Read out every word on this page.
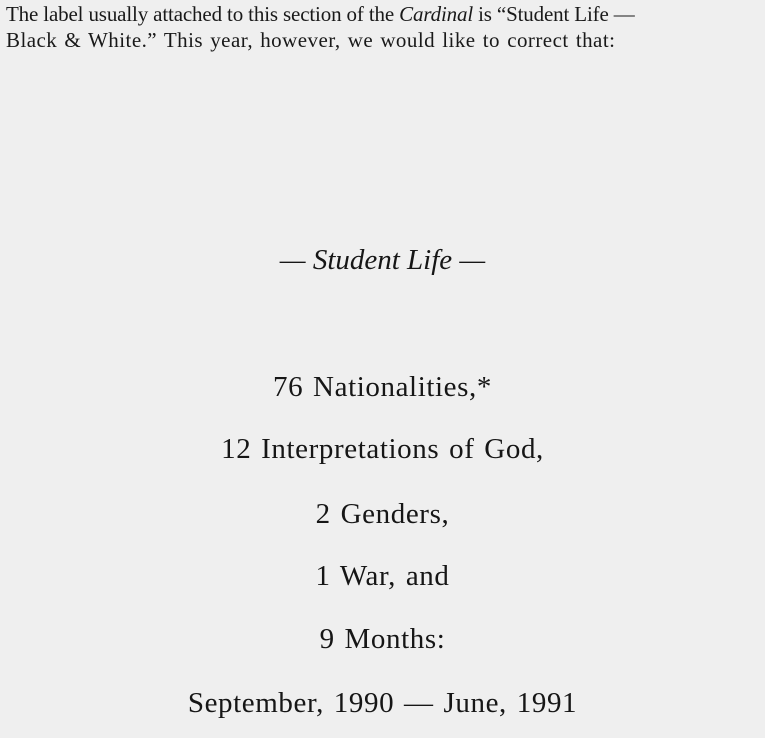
The label usually attached to this section of the Cardinal is “Student Life —
Black & White.” This year, however, we would like to correct that:

— Student Life —

76 Nationalities,*

12 Interpretations of God,

2 Genders,

1 War, and

9 Months:

September, 1990 — June, 1991
